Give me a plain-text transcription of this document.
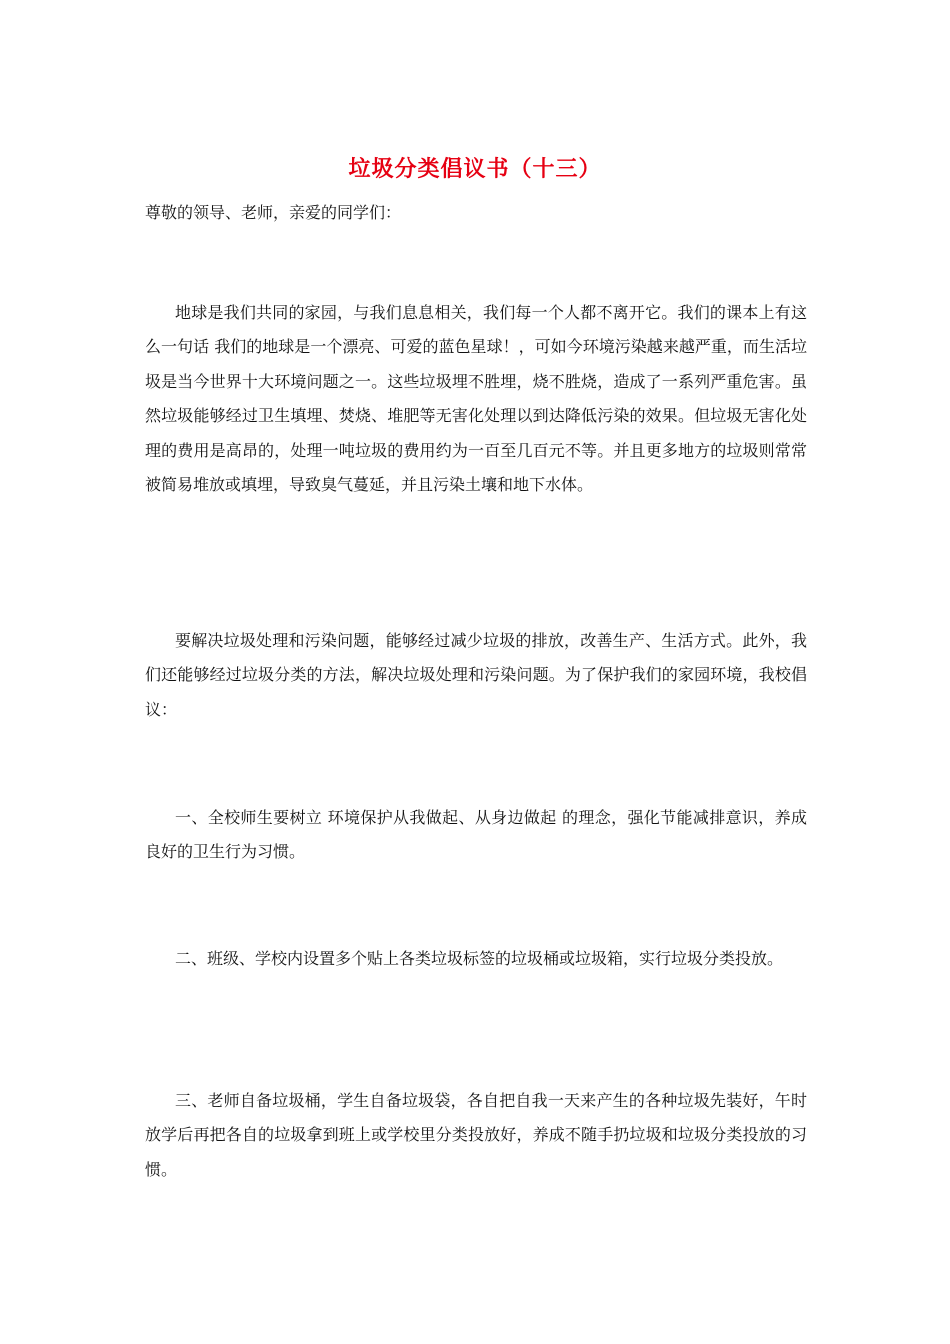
垃圾分类倡议书（十三）
尊敬的领导、老师，亲爱的同学们：

地球是我们共同的家园，与我们息息相关，我们每一个人都不离开它。我们的课本上有这么一句话 我们的地球是一个漂亮、可爱的蓝色星球！，可如今环境污染越来越严重，而生活垃圾是当今世界十大环境问题之一。这些垃圾埋不胜埋，烧不胜烧，造成了一系列严重危害。虽然垃圾能够经过卫生填埋、焚烧、堆肥等无害化处理以到达降低污染的效果。但垃圾无害化处理的费用是高昂的，处理一吨垃圾的费用约为一百至几百元不等。并且更多地方的垃圾则常常被简易堆放或填埋，导致臭气蔓延，并且污染土壤和地下水体。

要解决垃圾处理和污染问题，能够经过减少垃圾的排放，改善生产、生活方式。此外，我们还能够经过垃圾分类的方法，解决垃圾处理和污染问题。为了保护我们的家园环境，我校倡议：

一、全校师生要树立 环境保护从我做起、从身边做起 的理念，强化节能减排意识，养成良好的卫生行为习惯。

二、班级、学校内设置多个贴上各类垃圾标签的垃圾桶或垃圾箱，实行垃圾分类投放。

三、老师自备垃圾桶，学生自备垃圾袋，各自把自我一天来产生的各种垃圾先装好，午时放学后再把各自的垃圾拿到班上或学校里分类投放好，养成不随手扔垃圾和垃圾分类投放的习惯。
